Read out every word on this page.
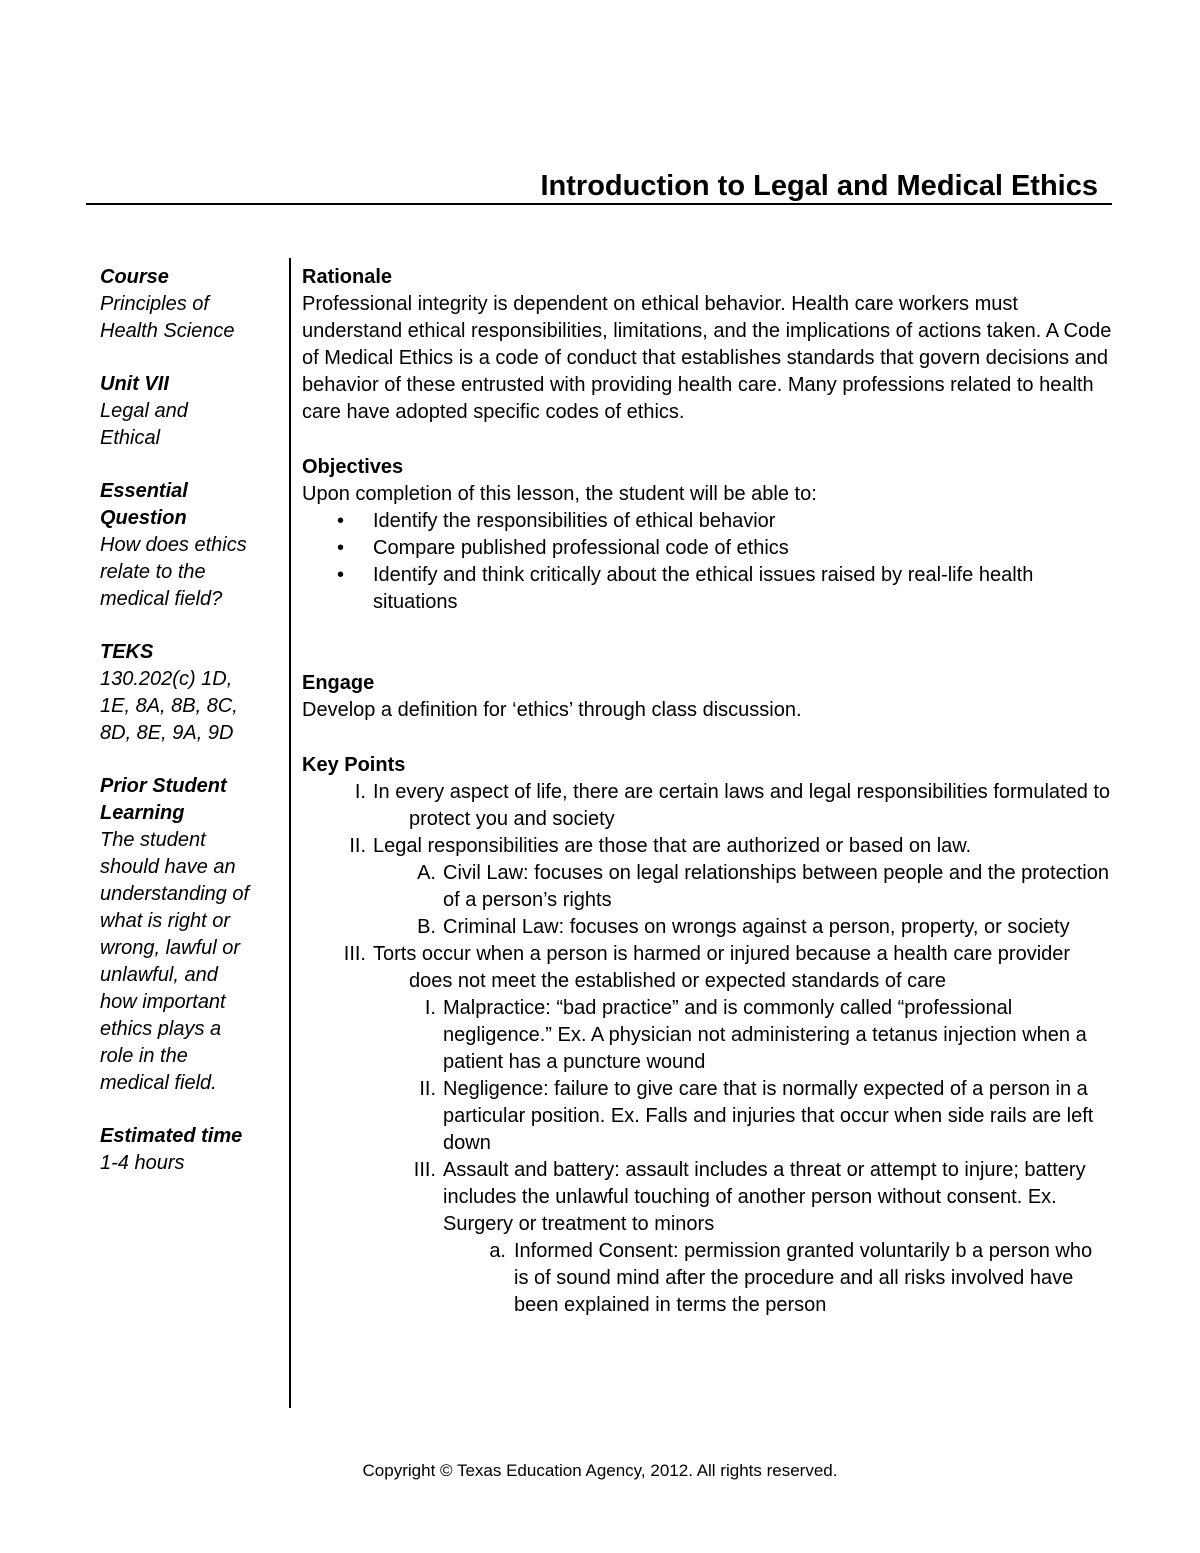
Introduction to Legal and Medical Ethics
Course
Principles of
Health Science
Unit VII
Legal and
Ethical
Essential Question
How does ethics
relate to the
medical field?
TEKS
130.202(c) 1D,
1E, 8A, 8B, 8C,
8D, 8E, 9A, 9D
Prior Student Learning
The student
should have an
understanding of
what is right or
wrong, lawful or
unlawful, and
how important
ethics plays a
role in the
medical field.
Estimated time
1-4 hours
Rationale

Professional integrity is dependent on ethical behavior. Health care workers must understand ethical responsibilities, limitations, and the implications of actions taken. A Code of Medical Ethics is a code of conduct that establishes standards that govern decisions and behavior of these entrusted with providing health care. Many professions related to health care have adopted specific codes of ethics.

Objectives

Upon completion of this lesson, the student will be able to:

• Identify the responsibilities of ethical behavior
• Compare published professional code of ethics
• Identify and think critically about the ethical issues raised by real-life health situations
Engage

Develop a definition for ‘ethics’ through class discussion.

Key Points
I. In every aspect of life, there are certain laws and legal responsibilities formulated to protect you and society
II. Legal responsibilities are those that are authorized or based on law.
A. Civil Law: focuses on legal relationships between people and the protection of a person’s rights
B. Criminal Law: focuses on wrongs against a person, property, or society
III. Torts occur when a person is harmed or injured because a health care provider does not meet the established or expected standards of care
I. Malpractice: “bad practice” and is commonly called “professional negligence.” Ex. A physician not administering a tetanus injection when a patient has a puncture wound
II. Negligence: failure to give care that is normally expected of a person in a particular position. Ex. Falls and injuries that occur when side rails are left down
III. Assault and battery: assault includes a threat or attempt to injure; battery includes the unlawful touching of another person without consent. Ex. Surgery or treatment to minors
a. Informed Consent: permission granted voluntarily b a person who is of sound mind after the procedure and all risks involved have been explained in terms the person
Copyright © Texas Education Agency, 2012. All rights reserved.
